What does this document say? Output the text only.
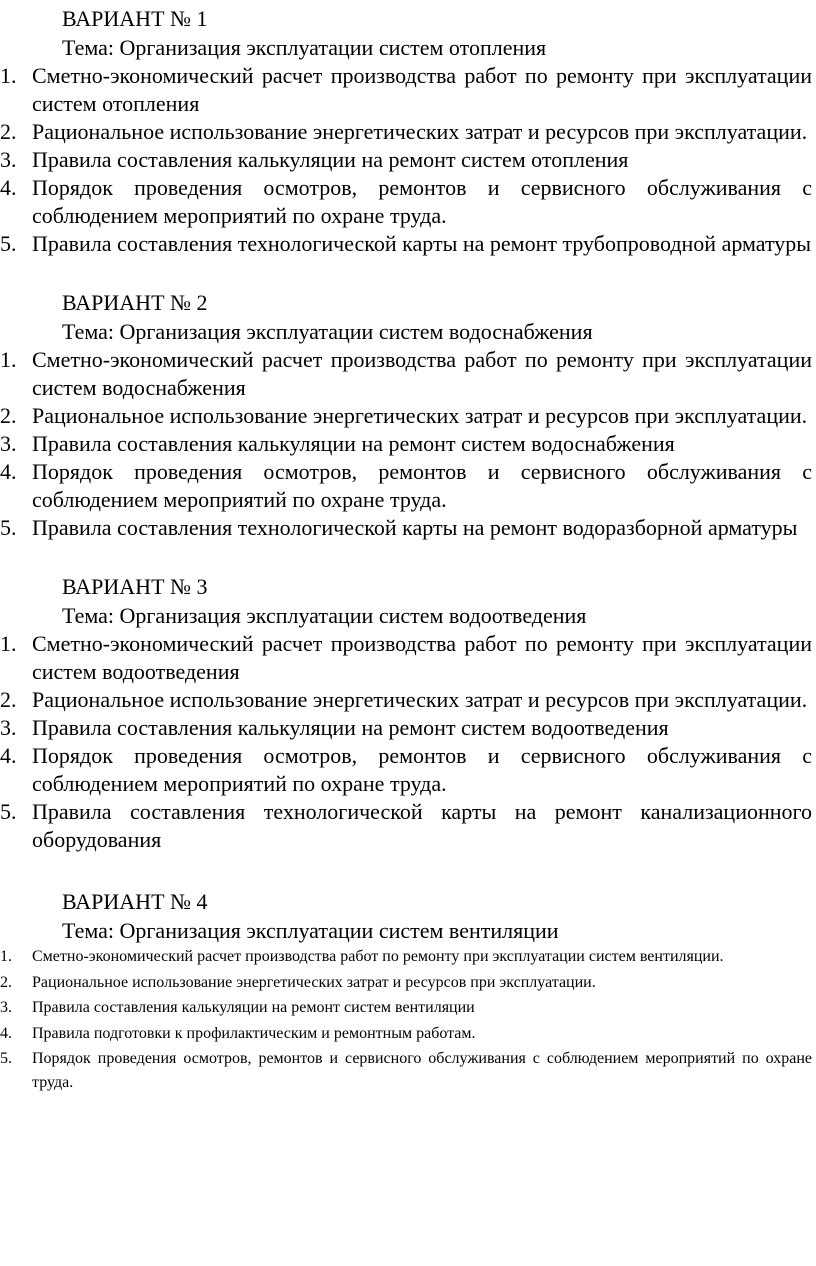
ВАРИАНТ № 1

Тема: Организация эксплуатации систем отопления

1. Сметно-экономический расчет производства работ по ремонту при эксплуатации систем отопления
2. Рациональное использование энергетических затрат и ресурсов при эксплуатации.
3. Правила составления калькуляции на ремонт систем отопления
4. Порядок проведения осмотров, ремонтов и сервисного обслуживания с соблюдением мероприятий по охране труда.
5. Правила составления технологической карты на ремонт трубопроводной арматуры

ВАРИАНТ № 2

Тема: Организация эксплуатации систем водоснабжения

1. Сметно-экономический расчет производства работ по ремонту при эксплуатации систем водоснабжения
2. Рациональное использование энергетических затрат и ресурсов при эксплуатации.
3. Правила составления калькуляции на ремонт систем водоснабжения
4. Порядок проведения осмотров, ремонтов и сервисного обслуживания с соблюдением мероприятий по охране труда.
5. Правила составления технологической карты на ремонт водоразборной арматуры

ВАРИАНТ № 3

Тема: Организация эксплуатации систем водоотведения

1. Сметно-экономический расчет производства работ по ремонту при эксплуатации систем водоотведения
2. Рациональное использование энергетических затрат и ресурсов при эксплуатации.
3. Правила составления калькуляции на ремонт систем водоотведения
4. Порядок проведения осмотров, ремонтов и сервисного обслуживания с соблюдением мероприятий по охране труда.
5. Правила составления технологической карты на ремонт канализационного оборудования

ВАРИАНТ № 4

Тема: Организация эксплуатации систем вентиляции

1. Сметно-экономический расчет производства работ по ремонту при эксплуатации систем вентиляции.
2. Рациональное использование энергетических затрат и ресурсов при эксплуатации.
3. Правила составления калькуляции на ремонт систем вентиляции
4. Правила подготовки к профилактическим и ремонтным работам.
5. Порядок проведения осмотров, ремонтов и сервисного обслуживания с соблюдением мероприятий по охране труда.
